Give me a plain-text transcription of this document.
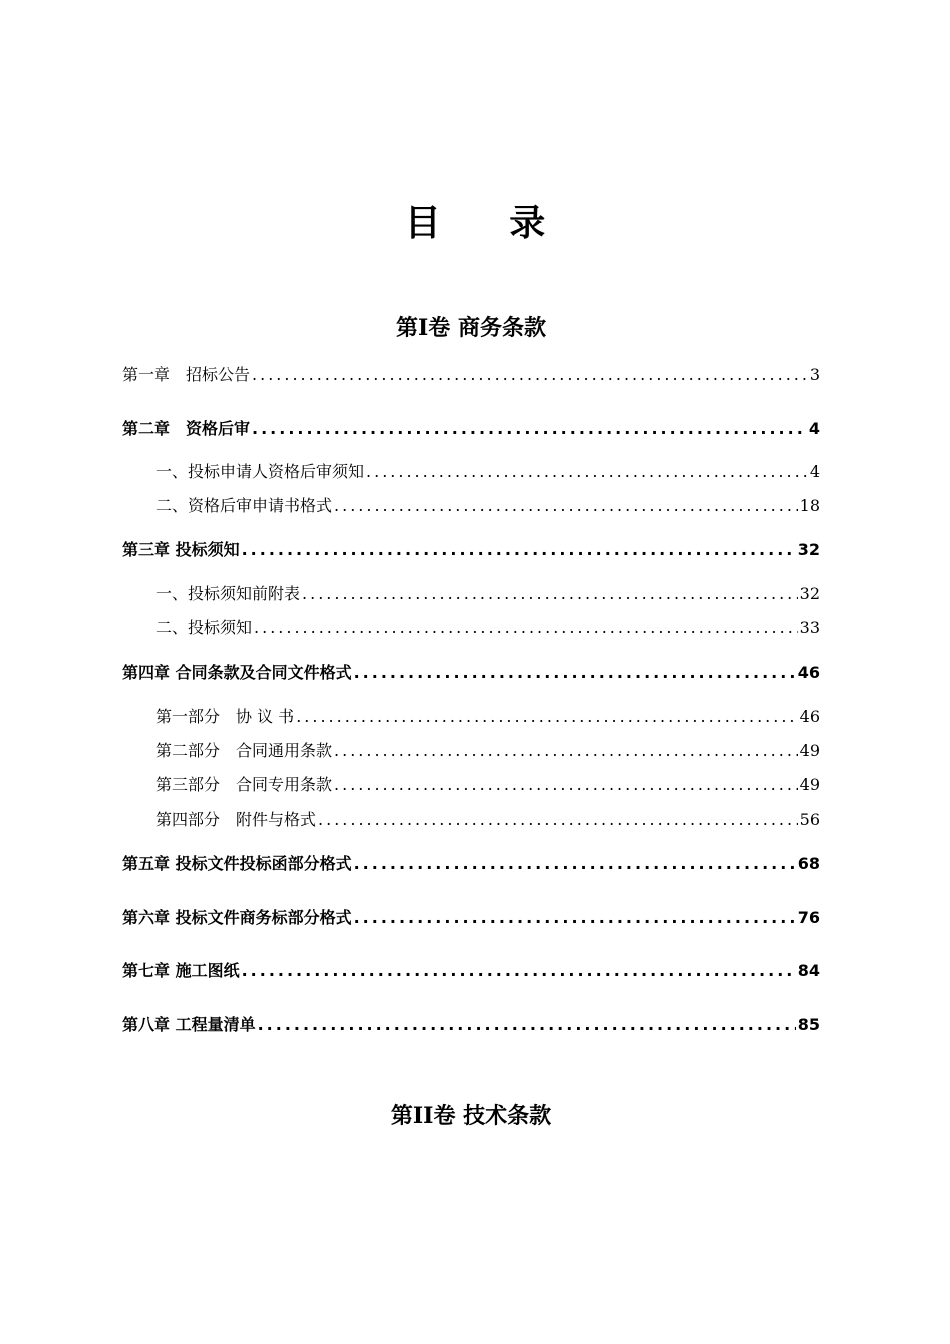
目 录
第I卷 商务条款
第一章　招标公告 .....	3
第二章　资格后审 .....	4
一、投标申请人资格后审须知 .....	4
二、资格后审申请书格式 .....	18
第三章 投标须知 .....	32
一、投标须知前附表 .....	32
二、投标须知 .....	33
第四章 合同条款及合同文件格式 .....	46
第一部分　协 议 书 .....	46
第二部分　合同通用条款 .....	49
第三部分　合同专用条款 .....	49
第四部分　附件与格式 .....	56
第五章 投标文件投标函部分格式 .....	68
第六章 投标文件商务标部分格式 .....	76
第七章 施工图纸 .....	84
第八章 工程量清单 .....	85
第II卷 技术条款
